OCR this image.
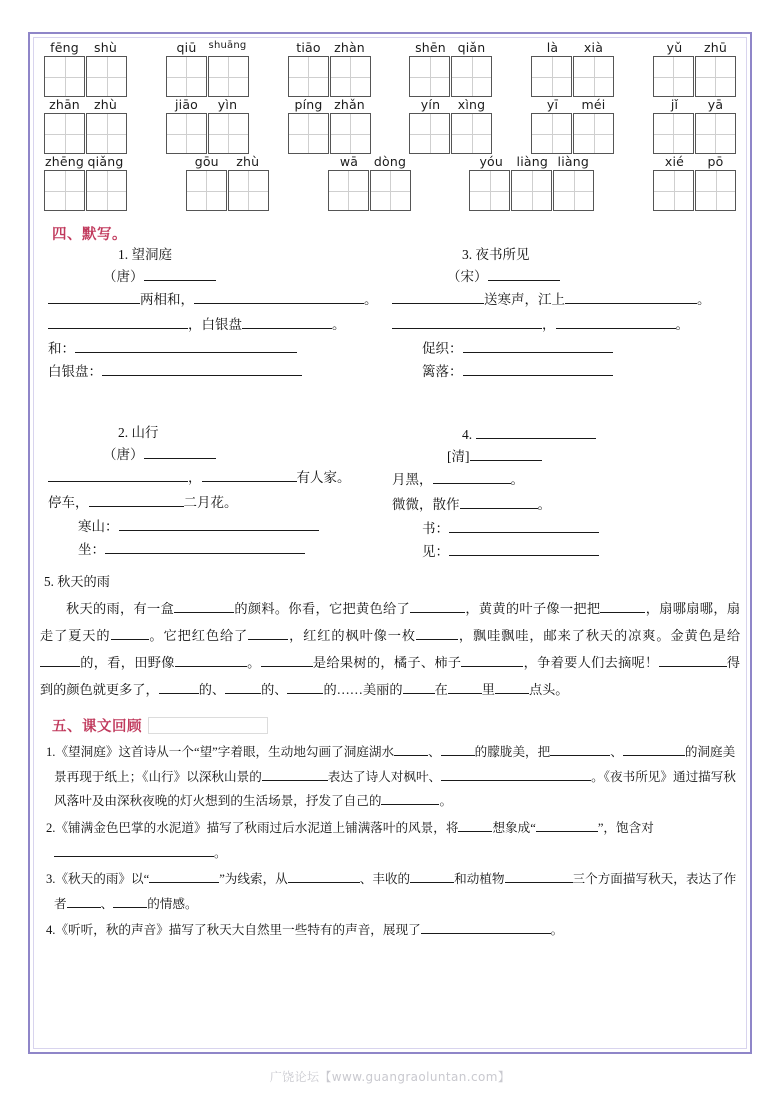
fēng	shù	qiū	shuāng	tiāo	zhàn	shēn qiǎn	là	xià	yǔ	zhū
zhān	zhù	jiāo	yìn	píng zhǎn	yín	xìng	yī	méi	jǐ	yā
zhēng qiǎng	gōu	zhù	wā	dòng	yóu	liàng liàng	xié	pō
四、默写。
1. 望洞庭
（唐）
两相和，	。
，白银盘	。
和：
白银盘：
2. 山行
（唐）
，	有人家。
停车，	二月花。
寒山：
坐：
3. 夜书所见
（宋）
送寒声，江上	。
，	。
促织：
篱落：
4.
[清]
月黑，	。
微微，散作	。
书：
见：
5. 秋天的雨
秋天的雨，有一盒	的颜料。你看，它把黄色给了	，黄黄的叶子像一把把	，扇哪扇哪，扇走了夏天的	。它把红色给了	，红红的枫叶像一枚	，飘哇飘哇，邮来了秋天的凉爽。金黄色是给的，看，田野像	。	是给果树的，橘子、柿子	，争着要人们去摘呢！	得到的颜色就更多了，	的、	的、	的……美丽的 在	里	点头。
五、课文回顾
1.《望洞庭》这首诗从一个“望”字着眼，生动地勾画了洞庭湖水	、	的朦胧美，把	、	的洞庭美景再现于纸上；《山行》以深秋山景的	表达了诗人对枫叶、	。《夜书所见》通过描写秋风落叶及由深秋夜晚的灯火想到的生活场景，抒发了自己的	。
2.《铺满金色巴掌的水泥道》描写了秋雨过后水泥道上铺满落叶的风景，将	想象成“	”，饱含对。
3.《秋天的雨》以“	”为线索，从	、丰收的	和动植物	三个方面描写秋天，表达了作者	、	的情感。
4.《听听，秋的声音》描写了秋天大自然里一些特有的声音，展现了	。
广饶论坛【www.guangraoluntan.com】
